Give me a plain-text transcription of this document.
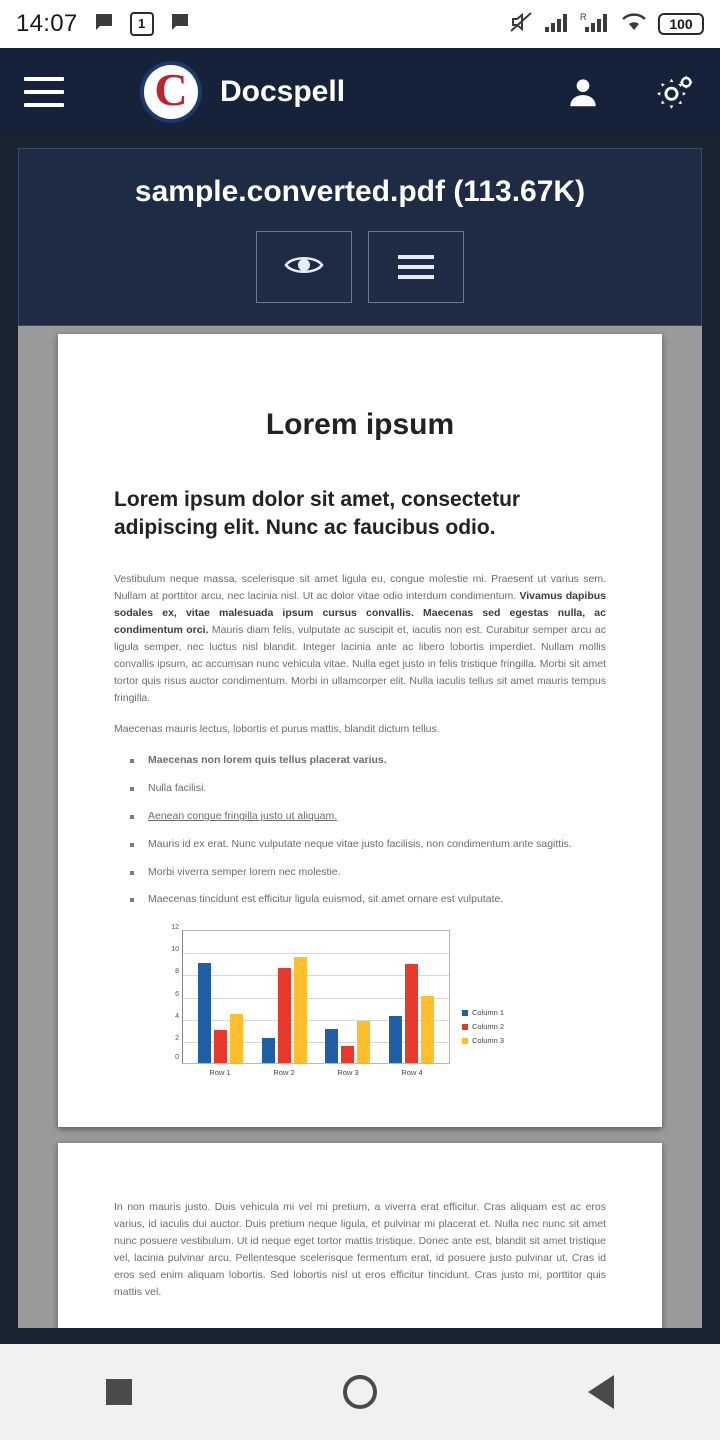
14:07	1	R	100
C Docspell
sample.converted.pdf (113.67K)
Lorem ipsum
Lorem ipsum dolor sit amet, consectetur adipiscing elit. Nunc ac faucibus odio.

Vestibulum neque massa, scelerisque sit amet ligula eu, congue molestie mi. Praesent ut varius sem. Nullam at porttitor arcu, nec lacinia nisl. Ut ac dolor vitae odio interdum condimentum. Vivamus dapibus sodales ex, vitae malesuada ipsum cursus convallis. Maecenas sed egestas nulla, ac condimentum orci. Mauris diam felis, vulputate ac suscipit et, iaculis non est. Curabitur semper arcu ac ligula semper, nec luctus nisl blandit. Integer lacinia ante ac libero lobortis imperdiet. Nullam mollis convallis ipsum, ac accumsan nunc vehicula vitae. Nulla eget justo in felis tristique fringilla. Morbi sit amet tortor quis risus auctor condimentum. Morbi in ullamcorper elit. Nulla iaculis tellus sit amet mauris tempus fringilla.

Maecenas mauris lectus, lobortis et purus mattis, blandit dictum tellus.

Maecenas non lorem quis tellus placerat varius.
Nulla facilisi.
Aenean congue fringilla justo ut aliquam.
Mauris id ex erat. Nunc vulputate neque vitae justo facilisis, non condimentum ante sagittis.
Morbi viverra semper lorem nec molestie.
Maecenas tincidunt est efficitur ligula euismod, sit amet ornare est vulputate.
12
10
8
6
4
2
0
Row 1	Row 2	Row 3	Row 4
Column 1
Column 2
Column 3

In non mauris justo. Duis vehicula mi vel mi pretium, a viverra erat efficitur. Cras aliquam est ac eros varius, id iaculis dui auctor. Duis pretium neque ligula, et pulvinar mi placerat et. Nulla nec nunc sit amet nunc posuere vestibulum. Ut id neque eget tortor mattis tristique. Donec ante est, blandit sit amet tristique vel, lacinia pulvinar arcu. Pellentesque scelerisque fermentum erat, id posuere justo pulvinar ut. Cras id eros sed enim aliquam lobortis. Sed lobortis nisl ut eros efficitur tincidunt. Cras justo mi, porttitor quis mattis vel.
